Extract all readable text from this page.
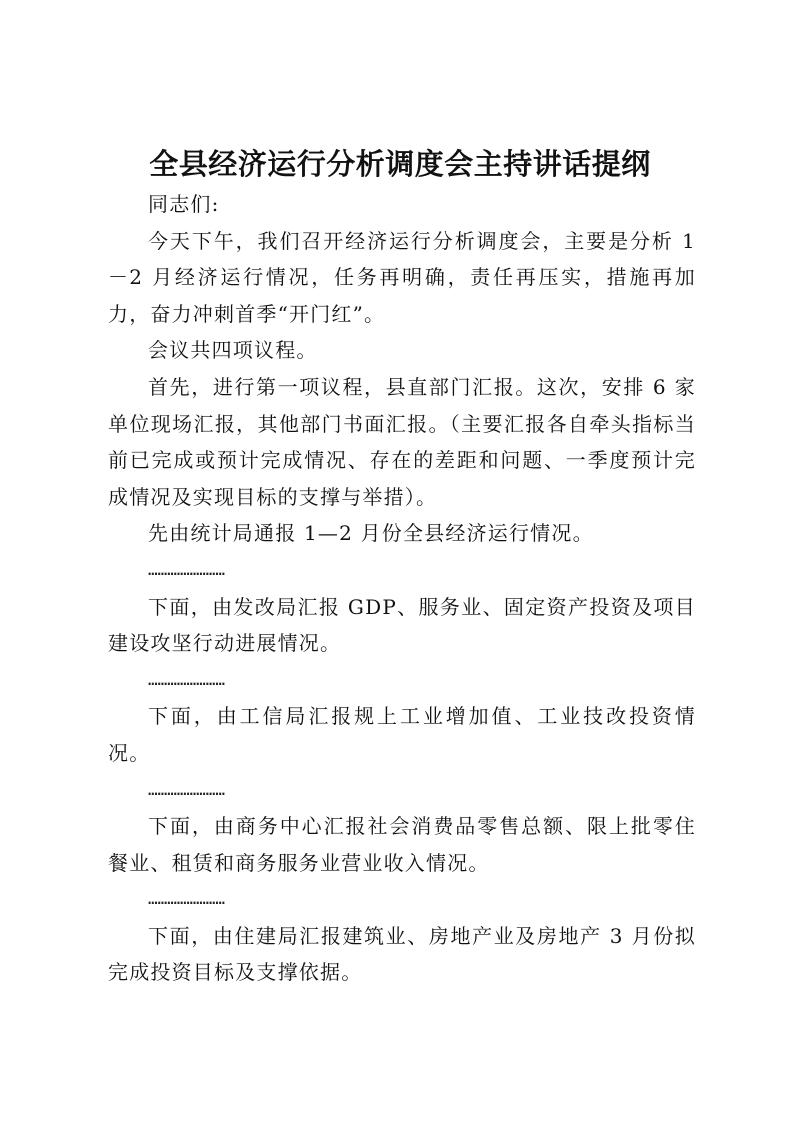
全县经济运行分析调度会主持讲话提纲

同志们:

今天下午，我们召开经济运行分析调度会，主要是分析 1－2 月经济运行情况，任务再明确，责任再压实，措施再加力，奋力冲刺首季“开门红”。

会议共四项议程。

首先，进行第一项议程，县直部门汇报。这次，安排 6 家单位现场汇报，其他部门书面汇报。（主要汇报各自牵头指标当前已完成或预计完成情况、存在的差距和问题、一季度预计完成情况及实现目标的支撑与举措）。

先由统计局通报 1—2 月份全县经济运行情况。

……………………

下面，由发改局汇报 GDP、服务业、固定资产投资及项目建设攻坚行动进展情况。

……………………

下面，由工信局汇报规上工业增加值、工业技改投资情况。

……………………

下面，由商务中心汇报社会消费品零售总额、限上批零住餐业、租赁和商务服务业营业收入情况。

……………………

下面，由住建局汇报建筑业、房地产业及房地产 3 月份拟完成投资目标及支撑依据。
